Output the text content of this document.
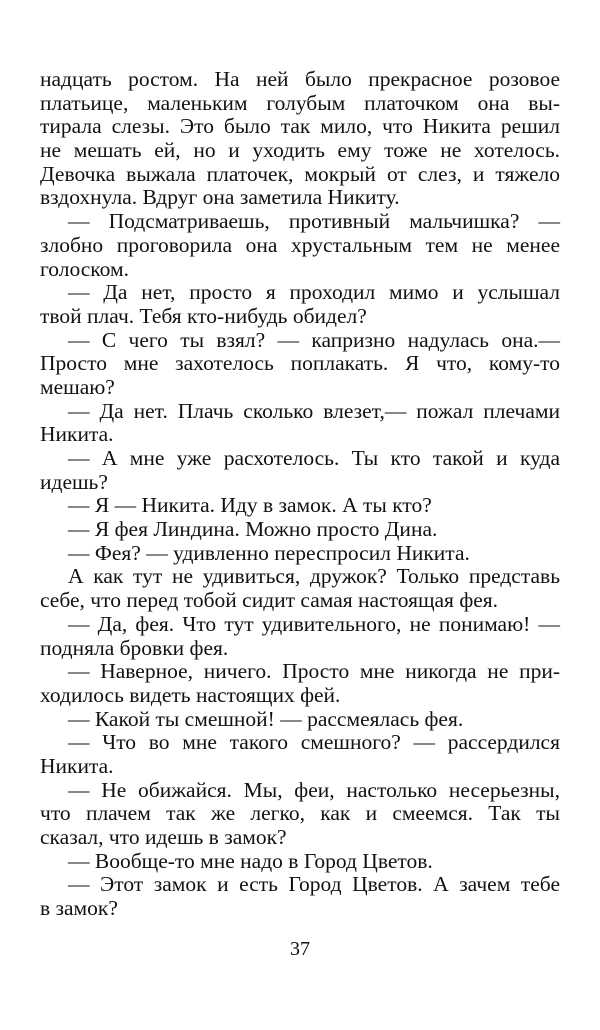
надцать ростом. На ней было прекрасное розовое
платьице, маленьким голубым платочком она вы-
тирала слезы. Это было так мило, что Никита решил
не мешать ей, но и уходить ему тоже не хотелось.
Девочка выжала платочек, мокрый от слез, и тяжело
вздохнула. Вдруг она заметила Никиту.
— Подсматриваешь, противный мальчишка? —
злобно проговорила она хрустальным тем не менее
голоском.
— Да нет, просто я проходил мимо и услышал
твой плач. Тебя кто-нибудь обидел?
— С чего ты взял? — капризно надулась она.—
Просто мне захотелось поплакать. Я что, кому-то
мешаю?
— Да нет. Плачь сколько влезет,— пожал плечами
Никита.
— А мне уже расхотелось. Ты кто такой и куда
идешь?
— Я — Никита. Иду в замок. А ты кто?
— Я фея Линдина. Можно просто Дина.
— Фея? — удивленно переспросил Никита.
А как тут не удивиться, дружок? Только представь
себе, что перед тобой сидит самая настоящая фея.
— Да, фея. Что тут удивительного, не понимаю! —
подняла бровки фея.
— Наверное, ничего. Просто мне никогда не при-
ходилось видеть настоящих фей.
— Какой ты смешной! — рассмеялась фея.
— Что во мне такого смешного? — рассердился
Никита.
— Не обижайся. Мы, феи, настолько несерьезны,
что плачем так же легко, как и смеемся. Так ты
сказал, что идешь в замок?
— Вообще-то мне надо в Город Цветов.
— Этот замок и есть Город Цветов. А зачем тебе
в замок?
37
